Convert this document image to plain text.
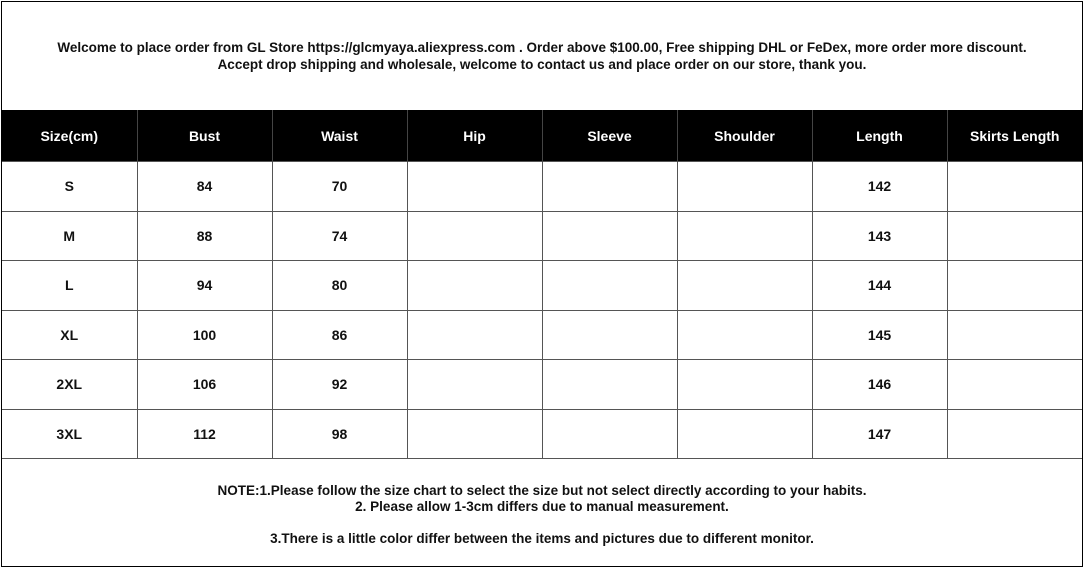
Welcome to place order from GL Store https://glcmyaya.aliexpress.com . Order above $100.00, Free shipping DHL or FeDex, more order more discount.
Accept drop shipping and wholesale, welcome to contact us and place order on our store, thank you.
Size(cm)	Bust	Waist	Hip	Sleeve	Shoulder	Length	Skirts Length
S	84	70				142	
M	88	74				143	
L	94	80				144	
XL	100	86				145	
2XL	106	92				146	
3XL	112	98				147	
NOTE:1.Please follow the size chart to select the size but not select directly according to your habits.
2. Please allow 1-3cm differs due to manual measurement.
3.There is a little color differ between the items and pictures due to different monitor.
